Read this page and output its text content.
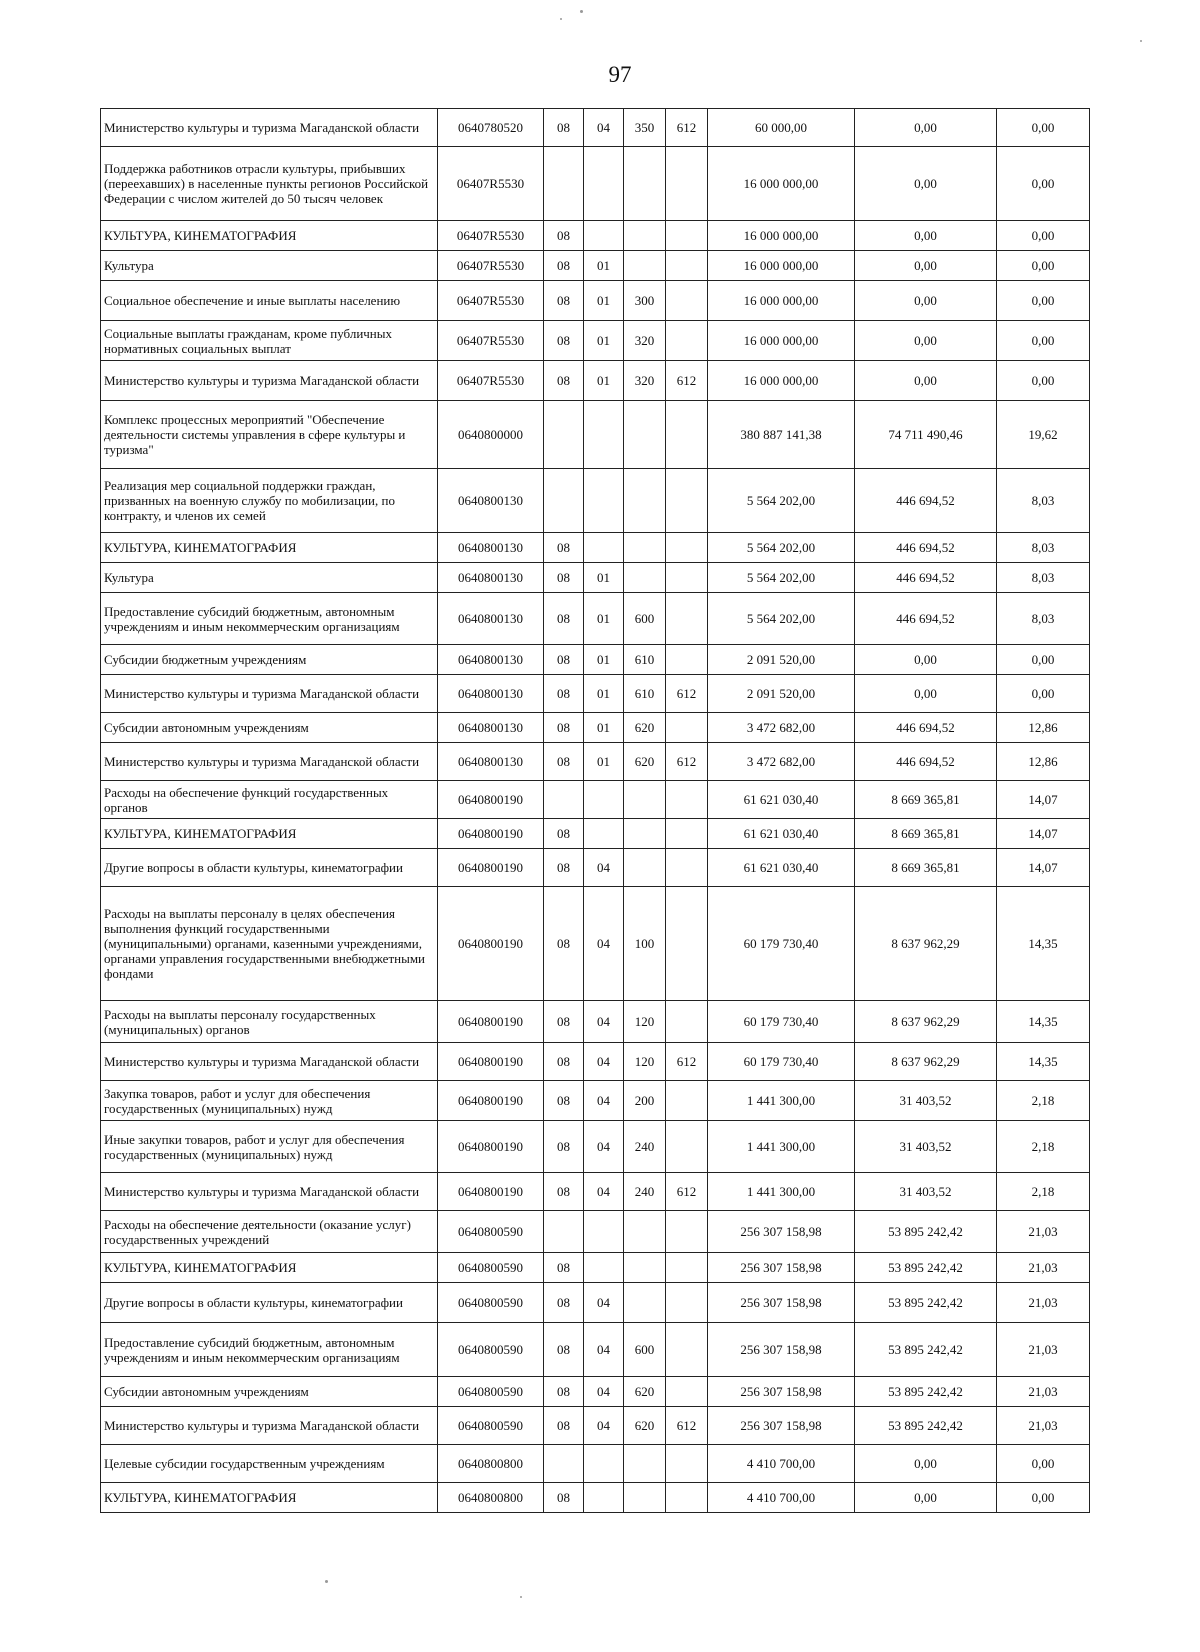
97
Министерство культуры и туризма Магаданской области	0640780520	08	04	350	612	60 000,00	0,00	0,00
Поддержка работников отрасли культуры, прибывших (переехавших) в населенные пункты регионов Российской Федерации с числом жителей до 50 тысяч человек	06407R5530					16 000 000,00	0,00	0,00
КУЛЬТУРА, КИНЕМАТОГРАФИЯ	06407R5530	08				16 000 000,00	0,00	0,00
Культура	06407R5530	08	01			16 000 000,00	0,00	0,00
Социальное обеспечение и иные выплаты населению	06407R5530	08	01	300		16 000 000,00	0,00	0,00
Социальные выплаты гражданам, кроме публичных нормативных социальных выплат	06407R5530	08	01	320		16 000 000,00	0,00	0,00
Министерство культуры и туризма Магаданской области	06407R5530	08	01	320	612	16 000 000,00	0,00	0,00
Комплекс процессных мероприятий "Обеспечение деятельности системы управления в сфере культуры и туризма"	0640800000					380 887 141,38	74 711 490,46	19,62
Реализация мер социальной поддержки граждан, призванных на военную службу по мобилизации, по контракту, и членов их семей	0640800130					5 564 202,00	446 694,52	8,03
КУЛЬТУРА, КИНЕМАТОГРАФИЯ	0640800130	08				5 564 202,00	446 694,52	8,03
Культура	0640800130	08	01			5 564 202,00	446 694,52	8,03
Предоставление субсидий бюджетным, автономным учреждениям и иным некоммерческим организациям	0640800130	08	01	600		5 564 202,00	446 694,52	8,03
Субсидии бюджетным учреждениям	0640800130	08	01	610		2 091 520,00	0,00	0,00
Министерство культуры и туризма Магаданской области	0640800130	08	01	610	612	2 091 520,00	0,00	0,00
Субсидии автономным учреждениям	0640800130	08	01	620		3 472 682,00	446 694,52	12,86
Министерство культуры и туризма Магаданской области	0640800130	08	01	620	612	3 472 682,00	446 694,52	12,86
Расходы на обеспечение функций государственных органов	0640800190					61 621 030,40	8 669 365,81	14,07
КУЛЬТУРА, КИНЕМАТОГРАФИЯ	0640800190	08				61 621 030,40	8 669 365,81	14,07
Другие вопросы в области культуры, кинематографии	0640800190	08	04			61 621 030,40	8 669 365,81	14,07
Расходы на выплаты персоналу в целях обеспечения выполнения функций государственными (муниципальными) органами, казенными учреждениями, органами управления государственными внебюджетными фондами	0640800190	08	04	100		60 179 730,40	8 637 962,29	14,35
Расходы на выплаты персоналу государственных (муниципальных) органов	0640800190	08	04	120		60 179 730,40	8 637 962,29	14,35
Министерство культуры и туризма Магаданской области	0640800190	08	04	120	612	60 179 730,40	8 637 962,29	14,35
Закупка товаров, работ и услуг для обеспечения государственных (муниципальных) нужд	0640800190	08	04	200		1 441 300,00	31 403,52	2,18
Иные закупки товаров, работ и услуг для обеспечения государственных (муниципальных) нужд	0640800190	08	04	240		1 441 300,00	31 403,52	2,18
Министерство культуры и туризма Магаданской области	0640800190	08	04	240	612	1 441 300,00	31 403,52	2,18
Расходы на обеспечение деятельности (оказание услуг) государственных учреждений	0640800590					256 307 158,98	53 895 242,42	21,03
КУЛЬТУРА, КИНЕМАТОГРАФИЯ	0640800590	08				256 307 158,98	53 895 242,42	21,03
Другие вопросы в области культуры, кинематографии	0640800590	08	04			256 307 158,98	53 895 242,42	21,03
Предоставление субсидий бюджетным, автономным учреждениям и иным некоммерческим организациям	0640800590	08	04	600		256 307 158,98	53 895 242,42	21,03
Субсидии автономным учреждениям	0640800590	08	04	620		256 307 158,98	53 895 242,42	21,03
Министерство культуры и туризма Магаданской области	0640800590	08	04	620	612	256 307 158,98	53 895 242,42	21,03
Целевые субсидии государственным учреждениям	0640800800					4 410 700,00	0,00	0,00
КУЛЬТУРА, КИНЕМАТОГРАФИЯ	0640800800	08				4 410 700,00	0,00	0,00
